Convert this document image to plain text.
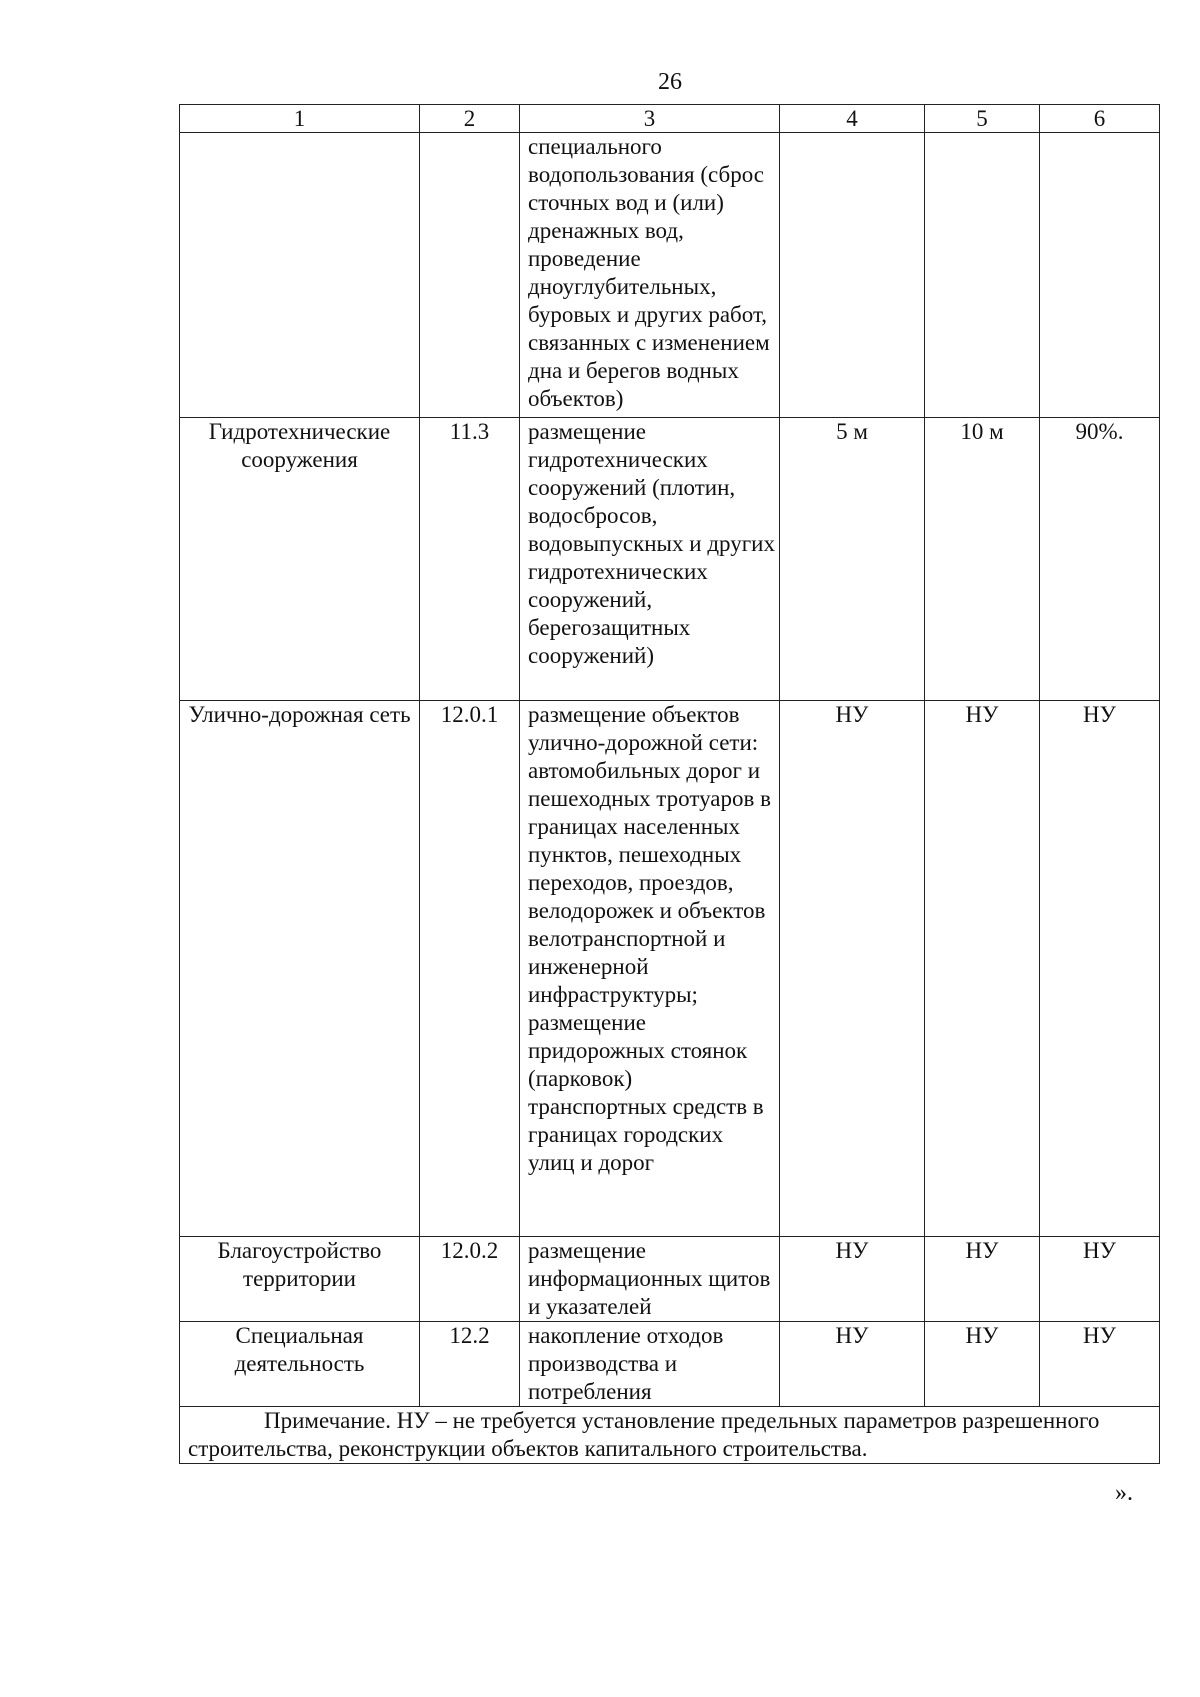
26
1	2	3	4	5	6
		специального водопользования (сброс сточных вод и (или) дренажных вод, проведение дноуглубительных, буровых и других работ, связанных с изменением дна и берегов водных объектов)			
Гидротехнические сооружения	11.3	размещение гидротехнических сооружений (плотин, водосбросов, водовыпускных и других гидротехнических сооружений, берегозащитных сооружений)	5 м	10 м	90%.
Улично-дорожная сеть	12.0.1	размещение объектов улично-дорожной сети: автомобильных дорог и пешеходных тротуаров в границах населенных пунктов, пешеходных переходов, проездов, велодорожек и объектов велотранспортной и инженерной инфраструктуры; размещение придорожных стоянок (парковок) транспортных средств в границах городских улиц и дорог	НУ	НУ	НУ
Благоустройство территории	12.0.2	размещение информационных щитов и указателей	НУ	НУ	НУ
Специальная деятельность	12.2	накопление отходов производства и потребления	НУ	НУ	НУ

Примечание. НУ – не требуется установление предельных параметров разрешенного
строительства, реконструкции объектов капитального строительства.					
».
